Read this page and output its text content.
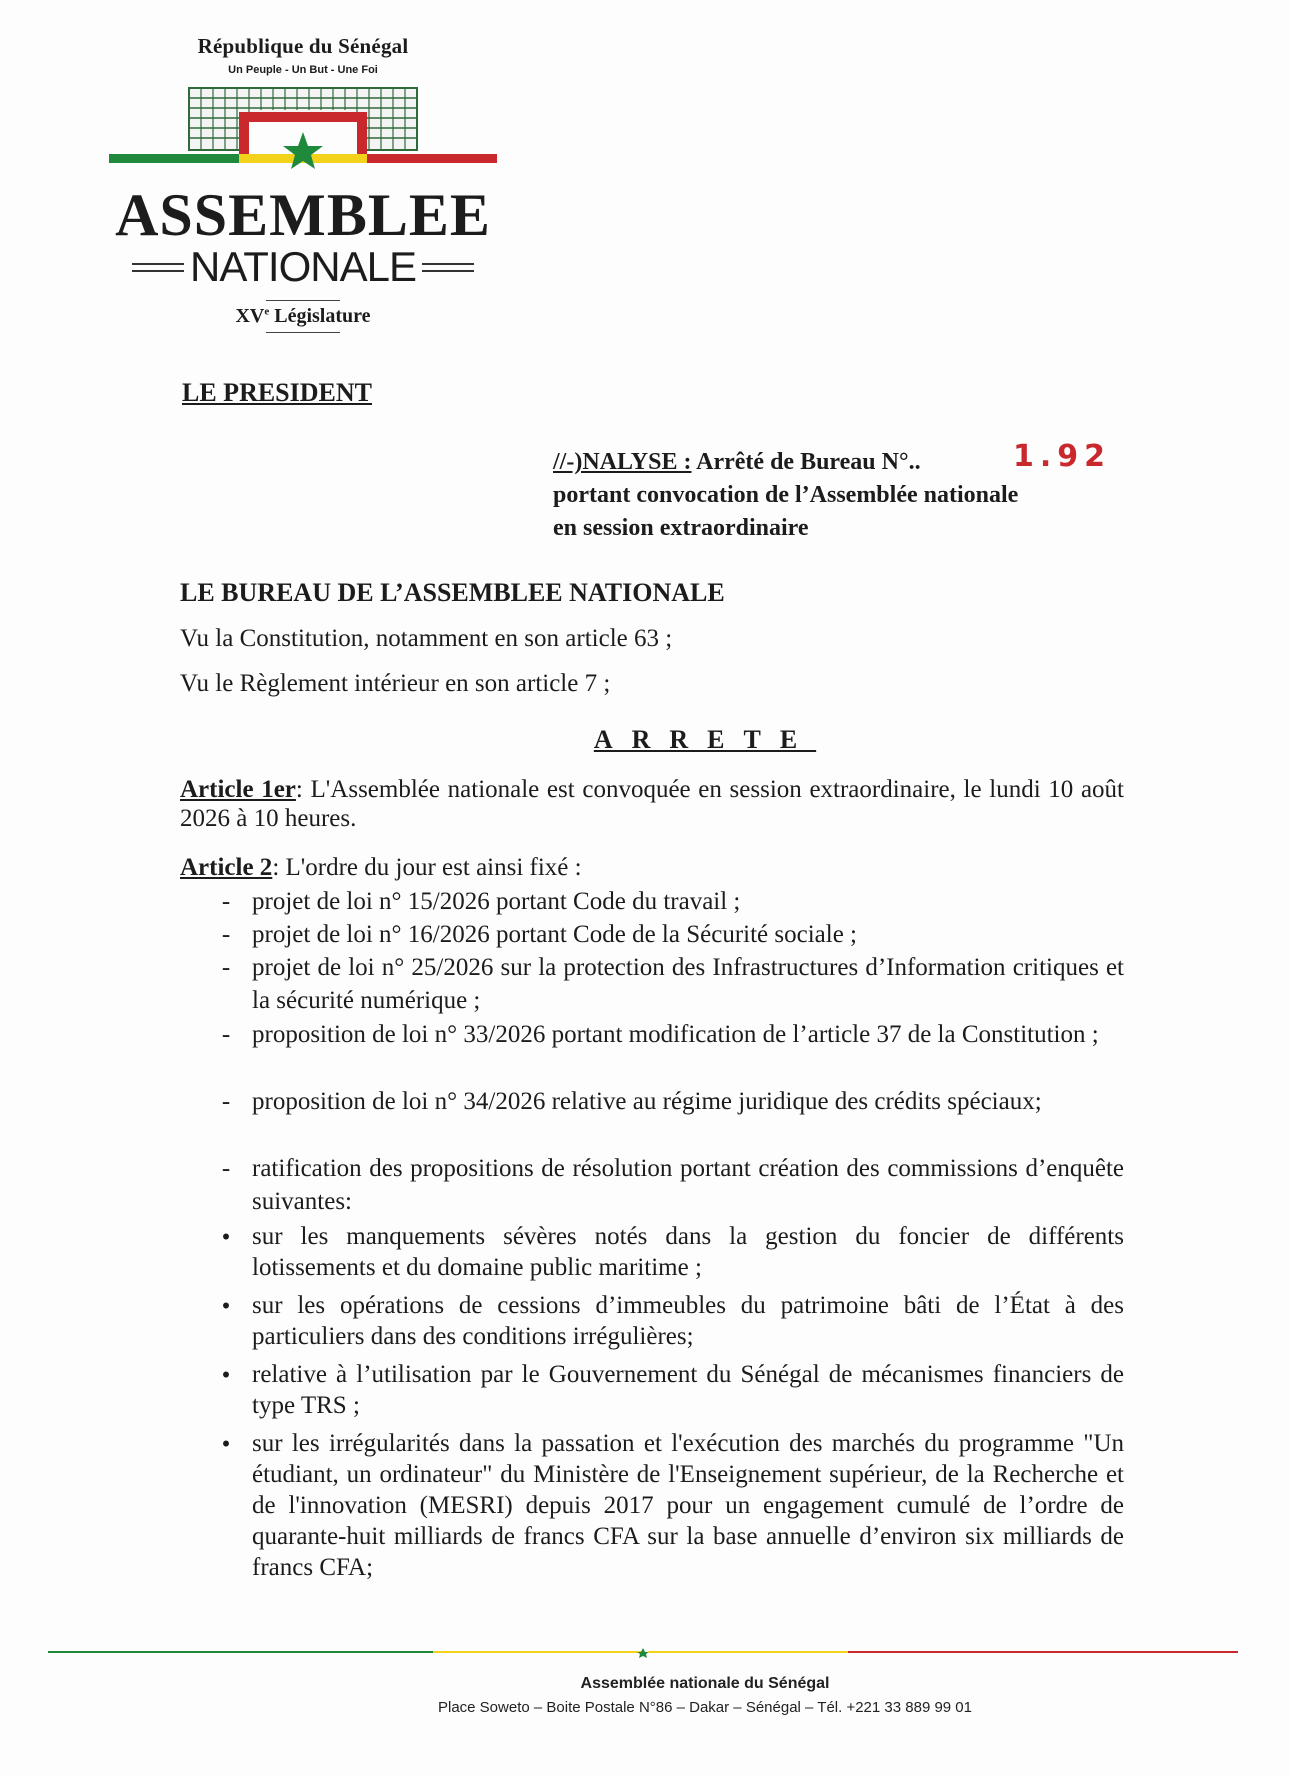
République du Sénégal
Un Peuple - Un But - Une Foi
ASSEMBLEE
NATIONALE
XVe Législature
LE PRESIDENT
//-)NALYSE : Arrêté de Bureau N°..	1.92
portant convocation de l’Assemblée nationale
en session extraordinaire
LE BUREAU DE L’ASSEMBLEE NATIONALE
Vu la Constitution, notamment en son article 63 ;
Vu le Règlement intérieur en son article 7 ;
ARRETE
Article 1er: L'Assemblée nationale est convoquée en session extraordinaire, le lundi 10 août 2026 à 10 heures.
Article 2: L'ordre du jour est ainsi fixé :
- projet de loi n° 15/2026 portant Code du travail ;
- projet de loi n° 16/2026 portant Code de la Sécurité sociale ;
- projet de loi n° 25/2026 sur la protection des Infrastructures d’Information critiques et la sécurité numérique ;
- proposition de loi n° 33/2026 portant modification de l’article 37 de la Constitution ;
- proposition de loi n° 34/2026 relative au régime juridique des crédits spéciaux;
- ratification des propositions de résolution portant création des commissions d’enquête suivantes:
• sur les manquements sévères notés dans la gestion du foncier de différents lotissements et du domaine public maritime ;
• sur les opérations de cessions d’immeubles du patrimoine bâti de l’État à des particuliers dans des conditions irrégulières;
• relative à l’utilisation par le Gouvernement du Sénégal de mécanismes financiers de type TRS ;
• sur les irrégularités dans la passation et l'exécution des marchés du programme "Un étudiant, un ordinateur" du Ministère de l'Enseignement supérieur, de la Recherche et de l'innovation (MESRI) depuis 2017 pour un engagement cumulé de l’ordre de quarante-huit milliards de francs CFA sur la base annuelle d’environ six milliards de francs CFA;
Assemblée nationale du Sénégal
Place Soweto – Boite Postale N°86 – Dakar – Sénégal – Tél. +221 33 889 99 01
